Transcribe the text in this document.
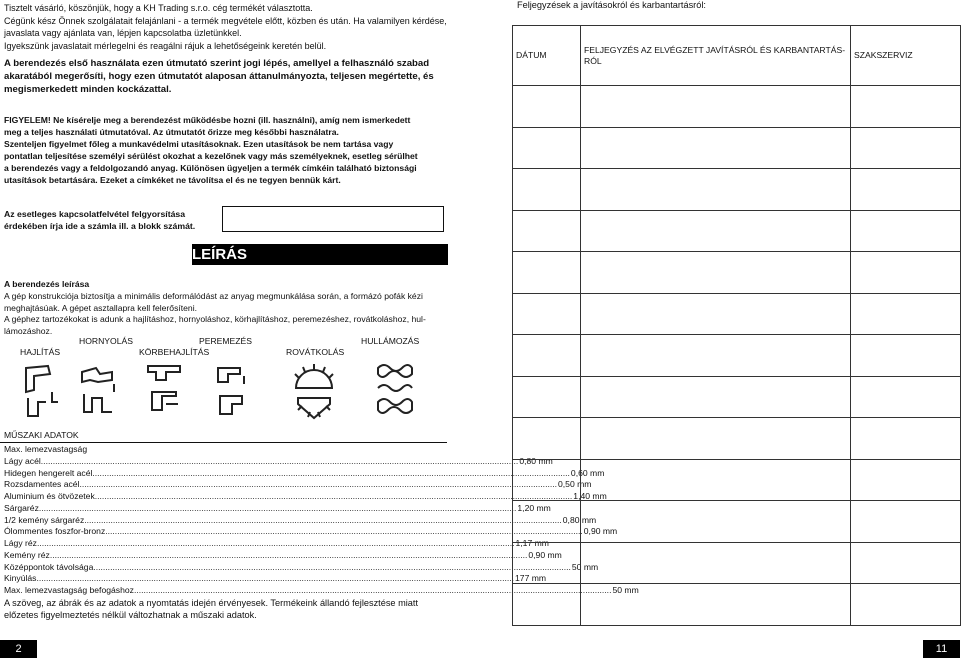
Tisztelt vásárló, köszönjük, hogy a KH Trading s.r.o. cég termékét választotta.
Cégünk kész Önnek szolgálatait felajánlani - a termék megvétele előtt, közben és után. Ha valamilyen kérdése,
javaslata vagy ajánlata van, lépjen kapcsolatba üzletünkkel.
Igyekszünk javaslatait mérlegelni és reagálni rájuk a lehetőségeink keretén belül.
A berendezés első használata ezen útmutató szerint jogi lépés, amellyel a felhasználó szabad akaratából megerősíti, hogy ezen útmutatót alaposan áttanulmányozta, teljesen megértette, és megismerkedett minden kockázattal.
FIGYELEM! Ne kísérelje meg a berendezést működésbe hozni (ill. használni), amíg nem ismerkedett
meg a teljes használati útmutatóval. Az útmutatót őrizze meg későbbi használatra.
Szenteljen figyelmet főleg a munkavédelmi utasításoknak. Ezen utasítások be nem tartása vagy
pontatlan teljesítése személyi sérülést okozhat a kezelőnek vagy más személyeknek, esetleg sérülhet
a berendezés vagy a feldolgozandó anyag. Különösen ügyeljen a termék címkéin található biztonsági
utasítások betartására. Ezeket a címkéket ne távolítsa el és ne tegyen bennük kárt.
Az esetleges kapcsolatfelvétel felgyorsítása érdekében írja ide a számla ill. a blokk számát.
LEÍRÁS
A berendezés leírása
A gép konstrukciója biztosítja a minimális deformálódást az anyag megmunkálása során, a formázó pofák kézi
meghajtásúak. A gépet asztallapra kell felerősíteni.
A géphez tartozékokat is adunk a hajlításhoz, hornyoláshoz, körhajlításhoz, peremezéshez, rovátkoláshoz, hul-
lámozáshoz.
HAJLÍTÁS
HORNYOLÁS
KÖRBEHAJLÍTÁS
PEREMEZÉS
ROVÁTKOLÁS
HULLÁMOZÁS
MŰSZAKI ADATOK
Max. lemezvastagság
Lágy acél ........................................................................................................................................................................................................ 0,80 mm
Hidegen hengerelt acél ........................................................................................................................................................................................................ 0,60 mm
Rozsdamentes acél ........................................................................................................................................................................................................ 0,50 mm
Aluminium és ötvözetek ........................................................................................................................................................................................................ 1,40 mm
Sárgaréz ........................................................................................................................................................................................................ 1,20 mm
1/2 kemény sárgaréz ........................................................................................................................................................................................................ 0,80 mm
Ólommentes foszfor-bronz ........................................................................................................................................................................................................ 0,90 mm
Lágy réz ........................................................................................................................................................................................................ 1,17 mm
Kemény réz ........................................................................................................................................................................................................ 0,90 mm
Középpontok távolsága ........................................................................................................................................................................................................ 50 mm
Kinyúlás ........................................................................................................................................................................................................ 177 mm
Max. lemezvastagság befogáshoz ........................................................................................................................................................................................................ 50 mm
A szöveg, az ábrák és az adatok a nyomtatás idején érvényesek. Termékeink állandó fejlesztése miatt előzetes figyelmeztetés nélkül változhatnak a műszaki adatok.
2
Feljegyzések a javításokról és karbantartásról:
DÁTUM	FELJEGYZÉS AZ ELVÉGZETT JAVÍTÁSRÓL ÉS KARBANTARTÁS-RÓL	SZAKSZERVIZ

11
